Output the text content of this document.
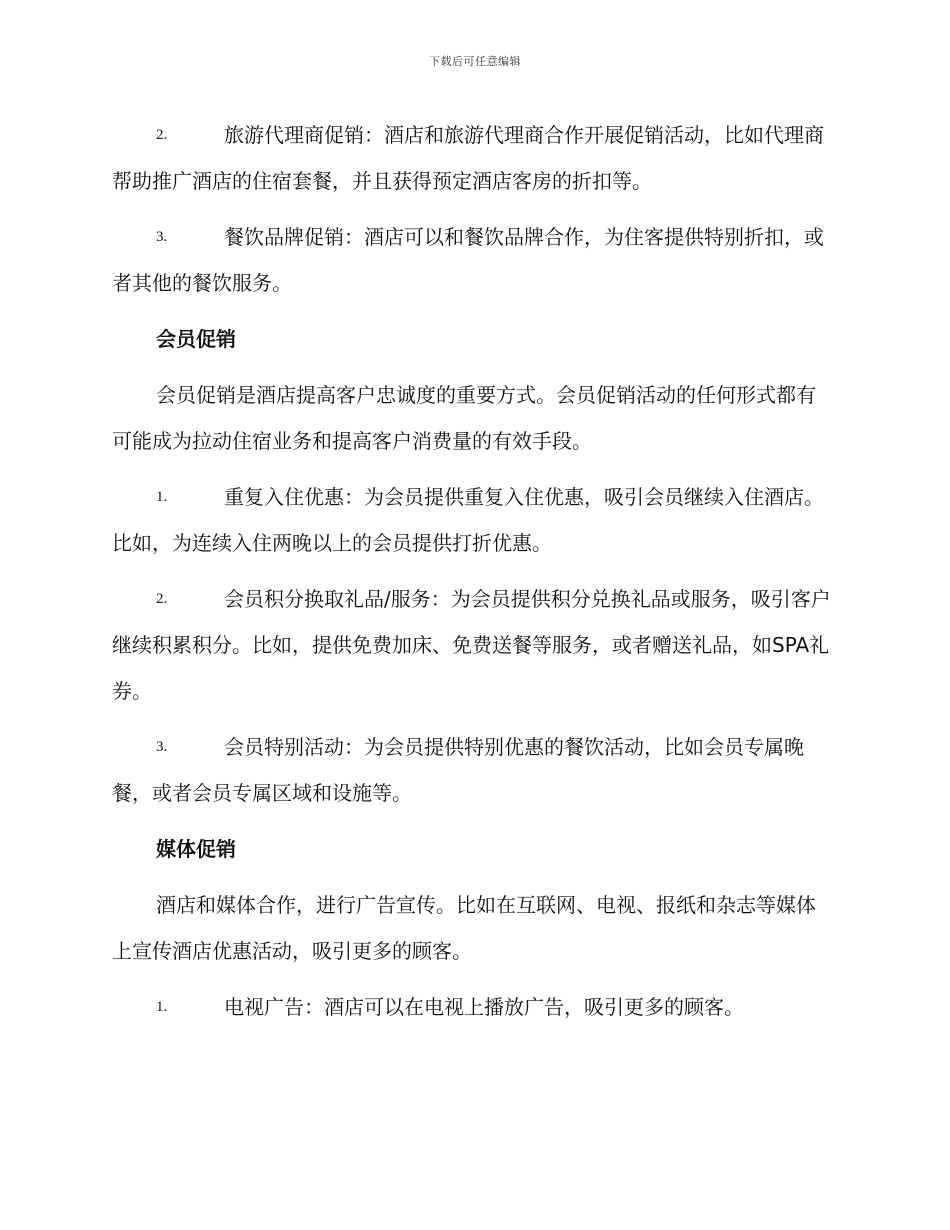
下载后可任意编辑
2.	旅游代理商促销：酒店和旅游代理商合作开展促销活动，比如代理商帮助推广酒店的住宿套餐，并且获得预定酒店客房的折扣等。
3.	餐饮品牌促销：酒店可以和餐饮品牌合作，为住客提供特别折扣，或者其他的餐饮服务。
会员促销
会员促销是酒店提高客户忠诚度的重要方式。会员促销活动的任何形式都有可能成为拉动住宿业务和提高客户消费量的有效手段。
1.	重复入住优惠：为会员提供重复入住优惠，吸引会员继续入住酒店。比如，为连续入住两晚以上的会员提供打折优惠。
2.	会员积分换取礼品/服务：为会员提供积分兑换礼品或服务，吸引客户继续积累积分。比如，提供免费加床、免费送餐等服务，或者赠送礼品，如SPA礼券。
3.	会员特别活动：为会员提供特别优惠的餐饮活动，比如会员专属晚餐，或者会员专属区域和设施等。
媒体促销
酒店和媒体合作，进行广告宣传。比如在互联网、电视、报纸和杂志等媒体上宣传酒店优惠活动，吸引更多的顾客。
1.	电视广告：酒店可以在电视上播放广告，吸引更多的顾客。
